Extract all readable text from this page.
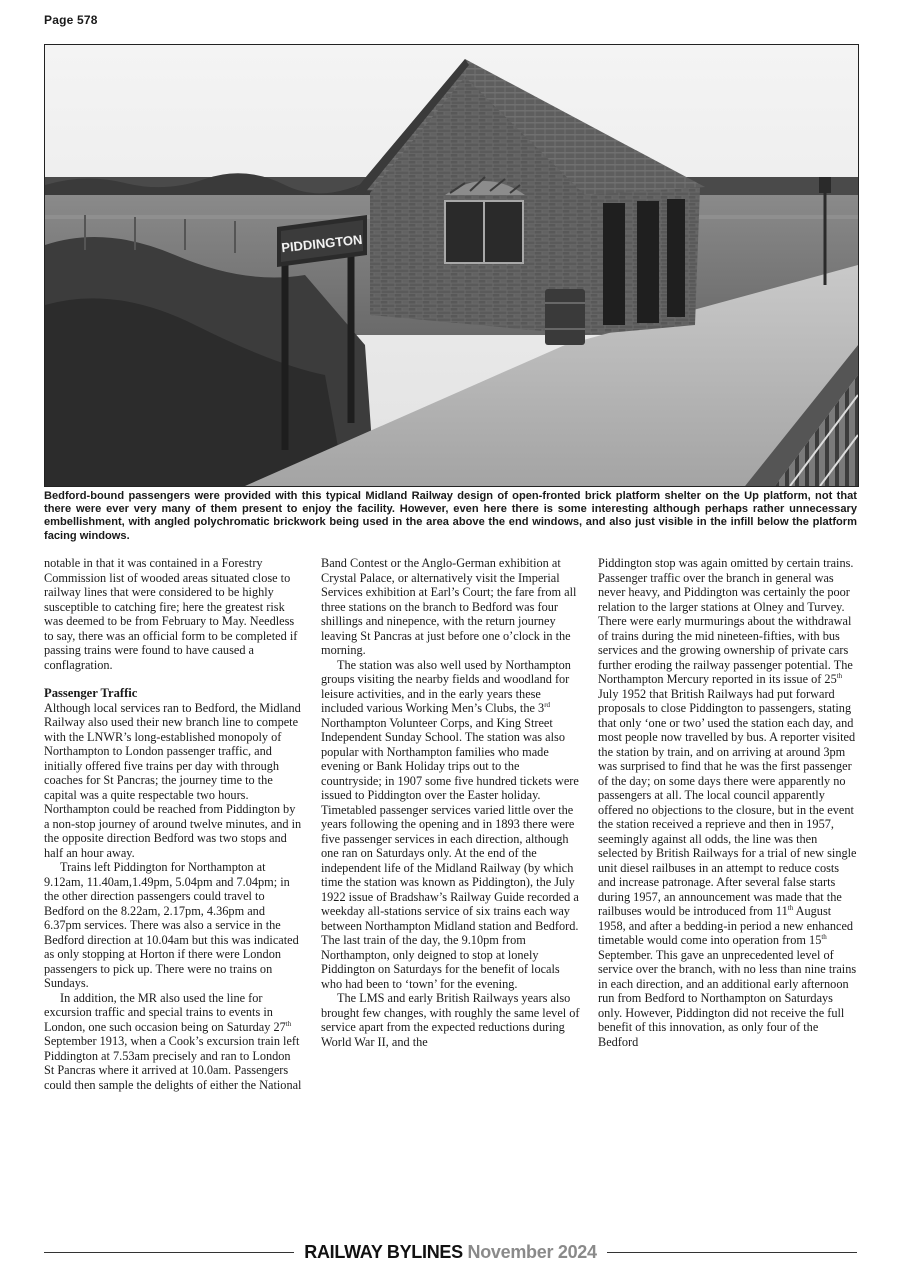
Page 578
PIDDINGTON
Bedford-bound passengers were provided with this typical Midland Railway design of open-fronted brick platform shelter on the Up platform, not that there were ever very many of them present to enjoy the facility. However, even here there is some interesting although perhaps rather unnecessary embellishment, with angled polychromatic brickwork being used in the area above the end windows, and also just visible in the infill below the platform facing windows.

notable in that it was contained in a Forestry Commission list of wooded areas situated close to railway lines that were considered to be highly susceptible to catching fire; here the greatest risk was deemed to be from February to May. Needless to say, there was an official form to be completed if passing trains were found to have caused a conflagration.

Passenger Traffic

Although local services ran to Bedford, the Midland Railway also used their new branch line to compete with the LNWR’s long-established monopoly of Northampton to London passenger traffic, and initially offered five trains per day with through coaches for St Pancras; the journey time to the capital was a quite respectable two hours. Northampton could be reached from Piddington by a non-stop journey of around twelve minutes, and in the opposite direction Bedford was two stops and half an hour away.

Trains left Piddington for Northampton at 9.12am, 11.40am,1.49pm, 5.04pm and 7.04pm; in the other direction passengers could travel to Bedford on the 8.22am, 2.17pm, 4.36pm and 6.37pm services. There was also a service in the Bedford direction at 10.04am but this was indicated as only stopping at Horton if there were London passengers to pick up. There were no trains on Sundays.

In addition, the MR also used the line for excursion traffic and special trains to events in London, one such occasion being on Saturday 27th September 1913, when a Cook’s excursion train left Piddington at 7.53am precisely and ran to London St Pancras where it arrived at 10.0am. Passengers could then sample the delights of either the National

Band Contest or the Anglo-German exhibition at Crystal Palace, or alternatively visit the Imperial Services exhibition at Earl’s Court; the fare from all three stations on the branch to Bedford was four shillings and ninepence, with the return journey leaving St Pancras at just before one o’clock in the morning.

The station was also well used by Northampton groups visiting the nearby fields and woodland for leisure activities, and in the early years these included various Working Men’s Clubs, the 3rd Northampton Volunteer Corps, and King Street Independent Sunday School. The station was also popular with Northampton families who made evening or Bank Holiday trips out to the countryside; in 1907 some five hundred tickets were issued to Piddington over the Easter holiday. Timetabled passenger services varied little over the years following the opening and in 1893 there were five passenger services in each direction, although one ran on Saturdays only. At the end of the independent life of the Midland Railway (by which time the station was known as Piddington), the July 1922 issue of Bradshaw’s Railway Guide recorded a weekday all-stations service of six trains each way between Northampton Midland station and Bedford. The last train of the day, the 9.10pm from Northampton, only deigned to stop at lonely Piddington on Saturdays for the benefit of locals who had been to ‘town’ for the evening.

The LMS and early British Railways years also brought few changes, with roughly the same level of service apart from the expected reductions during World War II, and the

Piddington stop was again omitted by certain trains. Passenger traffic over the branch in general was never heavy, and Piddington was certainly the poor relation to the larger stations at Olney and Turvey. There were early murmurings about the withdrawal of trains during the mid nineteen-fifties, with bus services and the growing ownership of private cars further eroding the railway passenger potential. The Northampton Mercury reported in its issue of 25th July 1952 that British Railways had put forward proposals to close Piddington to passengers, stating that only ‘one or two’ used the station each day, and most people now travelled by bus. A reporter visited the station by train, and on arriving at around 3pm was surprised to find that he was the first passenger of the day; on some days there were apparently no passengers at all. The local council apparently offered no objections to the closure, but in the event the station received a reprieve and then in 1957, seemingly against all odds, the line was then selected by British Railways for a trial of new single unit diesel railbuses in an attempt to reduce costs and increase patronage. After several false starts during 1957, an announcement was made that the railbuses would be introduced from 11th August 1958, and after a bedding-in period a new enhanced timetable would come into operation from 15th September. This gave an unprecedented level of service over the branch, with no less than nine trains in each direction, and an additional early afternoon run from Bedford to Northampton on Saturdays only. However, Piddington did not receive the full benefit of this innovation, as only four of the Bedford

RAILWAY BYLINES November 2024
